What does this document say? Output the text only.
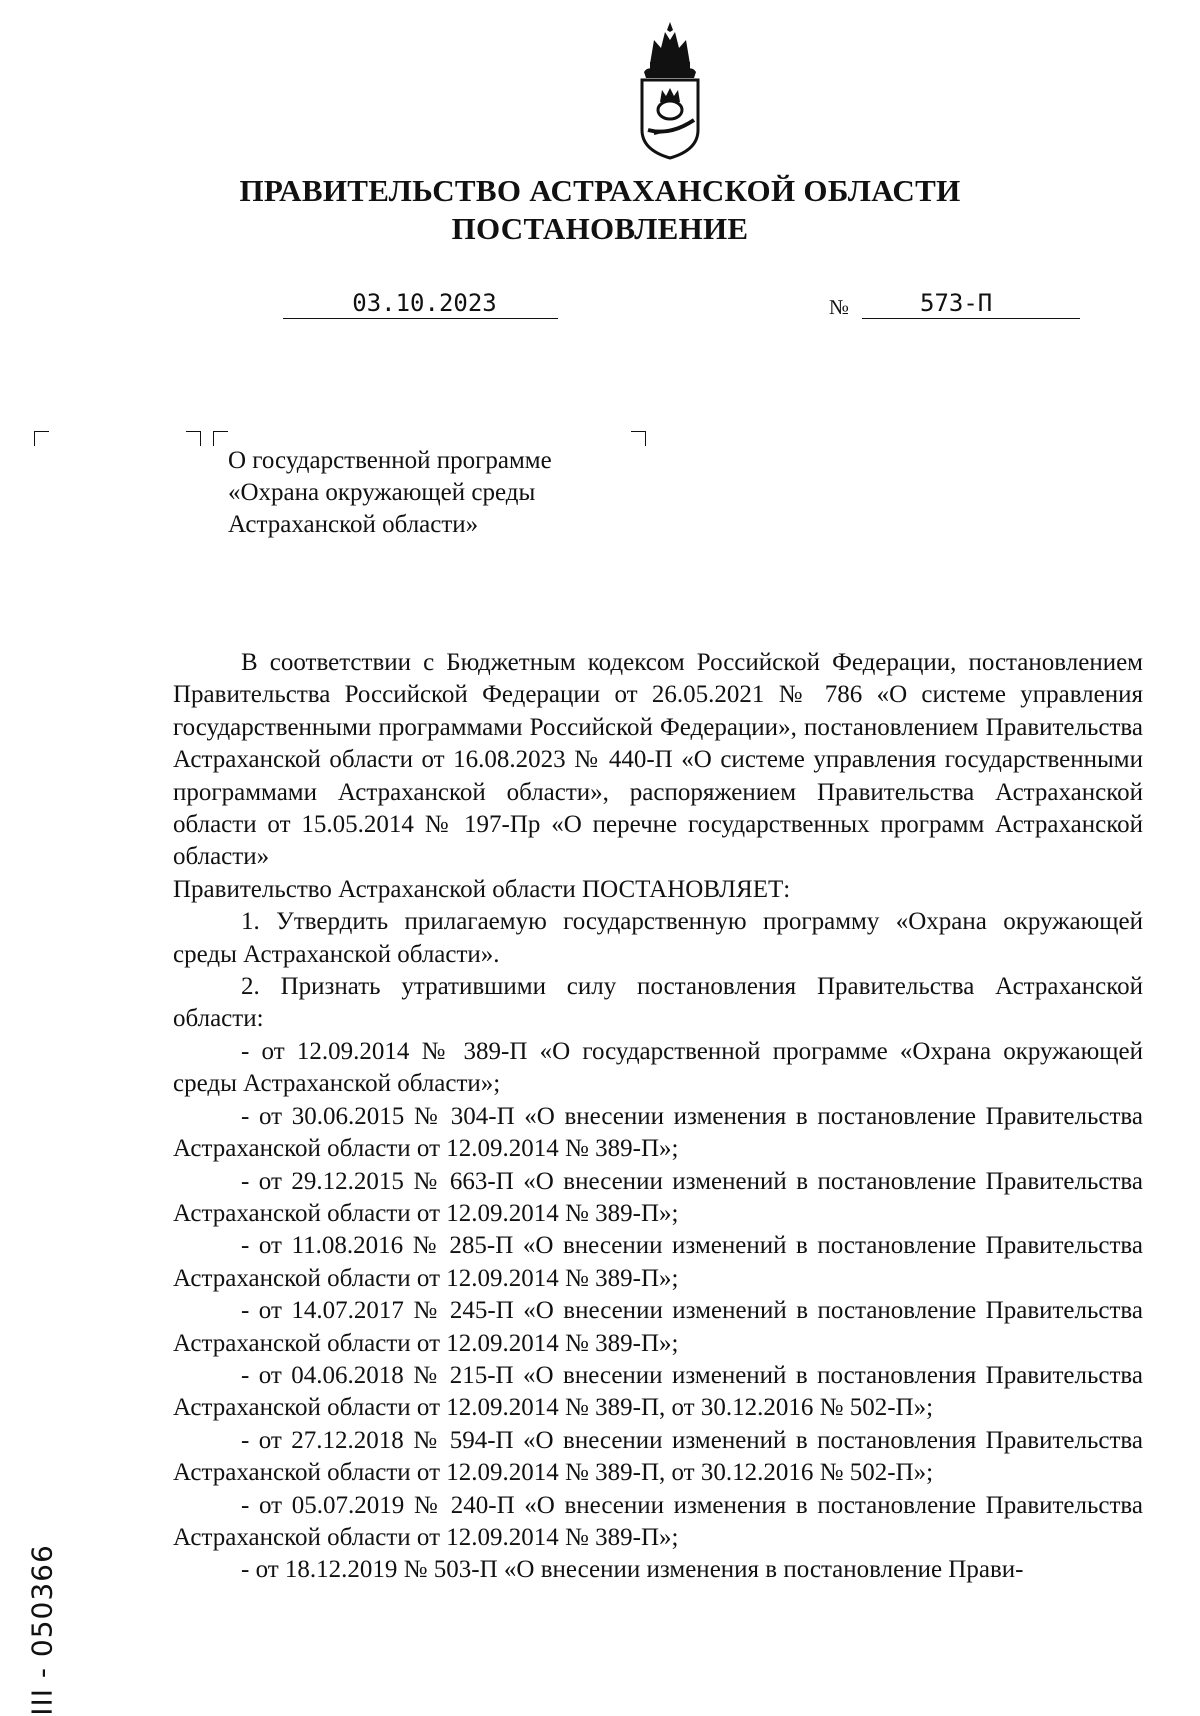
ПРАВИТЕЛЬСТВО АСТРАХАНСКОЙ ОБЛАСТИ
ПОСТАНОВЛЕНИЕ
03.10.2023	№	573-П
О государственной программе
«Охрана окружающей среды
Астраханской области»

В соответствии с Бюджетным кодексом Российской Федерации, постановлением Правительства Российской Федерации от 26.05.2021 № 786 «О системе управления государственными программами Российской Федерации», постановлением Правительства Астраханской области от 16.08.2023 № 440-П «О системе управления государственными программами Астраханской области», распоряжением Правительства Астраханской области от 15.05.2014 № 197-Пр «О перечне государственных программ Астраханской области»

Правительство Астраханской области ПОСТАНОВЛЯЕТ:

1. Утвердить прилагаемую государственную программу «Охрана окружающей среды Астраханской области».

2. Признать утратившими силу постановления Правительства Астраханской области:

- от 12.09.2014 № 389-П «О государственной программе «Охрана окружающей среды Астраханской области»;

- от 30.06.2015 № 304-П «О внесении изменения в постановление Правительства Астраханской области от 12.09.2014 № 389-П»;

- от 29.12.2015 № 663-П «О внесении изменений в постановление Правительства Астраханской области от 12.09.2014 № 389-П»;

- от 11.08.2016 № 285-П «О внесении изменений в постановление Правительства Астраханской области от 12.09.2014 № 389-П»;

- от 14.07.2017 № 245-П «О внесении изменений в постановление Правительства Астраханской области от 12.09.2014 № 389-П»;

- от 04.06.2018 № 215-П «О внесении изменений в постановления Правительства Астраханской области от 12.09.2014 № 389-П, от 30.12.2016 № 502-П»;

- от 27.12.2018 № 594-П «О внесении изменений в постановления Правительства Астраханской области от 12.09.2014 № 389-П, от 30.12.2016 № 502-П»;

- от 05.07.2019 № 240-П «О внесении изменения в постановление Правительства Астраханской области от 12.09.2014 № 389-П»;

- от 18.12.2019 № 503-П «О внесении изменения в постановление Прави-

ІІІ - 050366
